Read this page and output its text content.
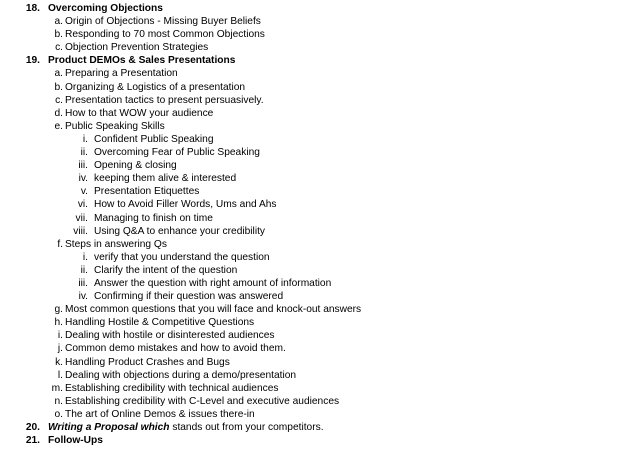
18. Overcoming Objections
a. Origin of Objections - Missing Buyer Beliefs
b. Responding to 70 most Common Objections
c. Objection Prevention Strategies
19. Product DEMOs & Sales Presentations
a. Preparing a Presentation
b. Organizing & Logistics of a presentation
c. Presentation tactics to present persuasively.
d. How to that WOW your audience
e. Public Speaking Skills
i. Confident Public Speaking
ii. Overcoming Fear of Public Speaking
iii. Opening & closing
iv. keeping them alive & interested
v. Presentation Etiquettes
vi. How to Avoid Filler Words, Ums and Ahs
vii. Managing to finish on time
viii. Using Q&A to enhance your credibility
f. Steps in answering Qs
i. verify that you understand the question
ii. Clarify the intent of the question
iii. Answer the question with right amount of information
iv. Confirming if their question was answered
g. Most common questions that you will face and knock-out answers
h. Handling Hostile & Competitive Questions
i. Dealing with hostile or disinterested audiences
j. Common demo mistakes and how to avoid them.
k. Handling Product Crashes and Bugs
l. Dealing with objections during a demo/presentation
m. Establishing credibility with technical audiences
n. Establishing credibility with C-Level and executive audiences
o. The art of Online Demos & issues there-in
20. Writing a Proposal which stands out from your competitors.
21. Follow-Ups
